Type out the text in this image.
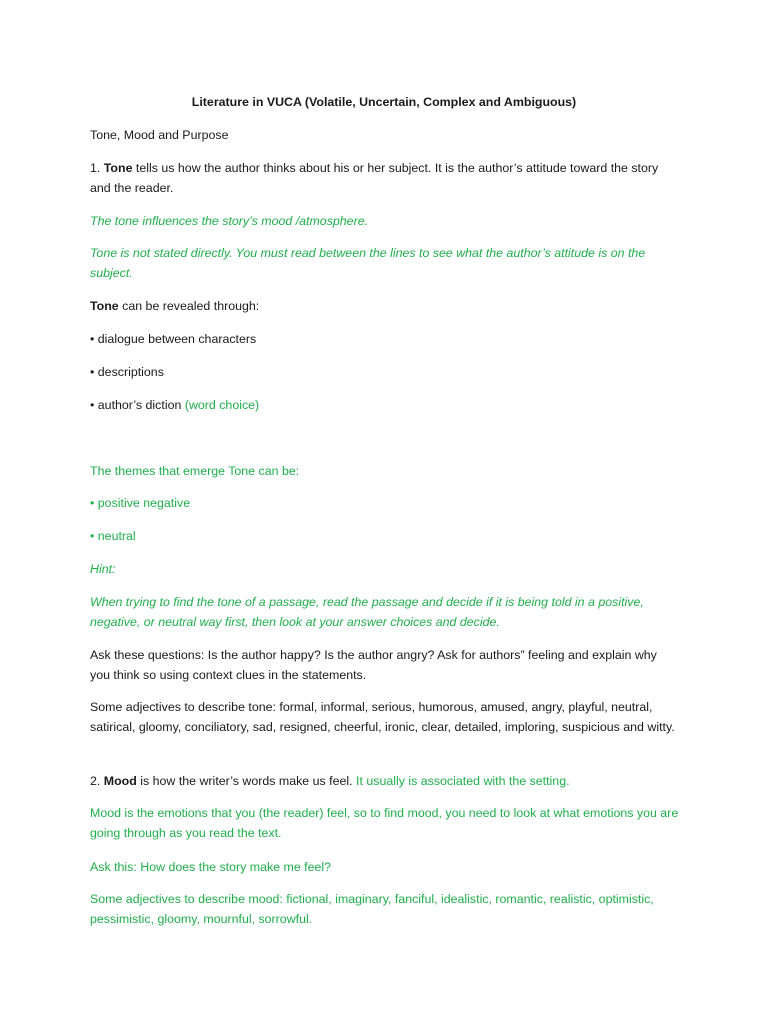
Literature in VUCA (Volatile, Uncertain, Complex and Ambiguous)

Tone, Mood and Purpose

1. Tone tells us how the author thinks about his or her subject. It is the author’s attitude toward the story and the reader.

The tone influences the story’s mood /atmosphere.

Tone is not stated directly. You must read between the lines to see what the author’s attitude is on the subject.

Tone can be revealed through:

• dialogue between characters

• descriptions

• author’s diction (word choice)

The themes that emerge Tone can be:

• positive negative

• neutral

Hint:

When trying to find the tone of a passage, read the passage and decide if it is being told in a positive, negative, or neutral way first, then look at your answer choices and decide.

Ask these questions: Is the author happy? Is the author angry? Ask for authors” feeling and explain why you think so using context clues in the statements.

Some adjectives to describe tone: formal, informal, serious, humorous, amused, angry, playful, neutral, satirical, gloomy, conciliatory, sad, resigned, cheerful, ironic, clear, detailed, imploring, suspicious and witty.

2. Mood is how the writer’s words make us feel. It usually is associated with the setting.

Mood is the emotions that you (the reader) feel, so to find mood, you need to look at what emotions you are going through as you read the text.

Ask this: How does the story make me feel?

Some adjectives to describe mood: fictional, imaginary, fanciful, idealistic, romantic, realistic, optimistic, pessimistic, gloomy, mournful, sorrowful.
